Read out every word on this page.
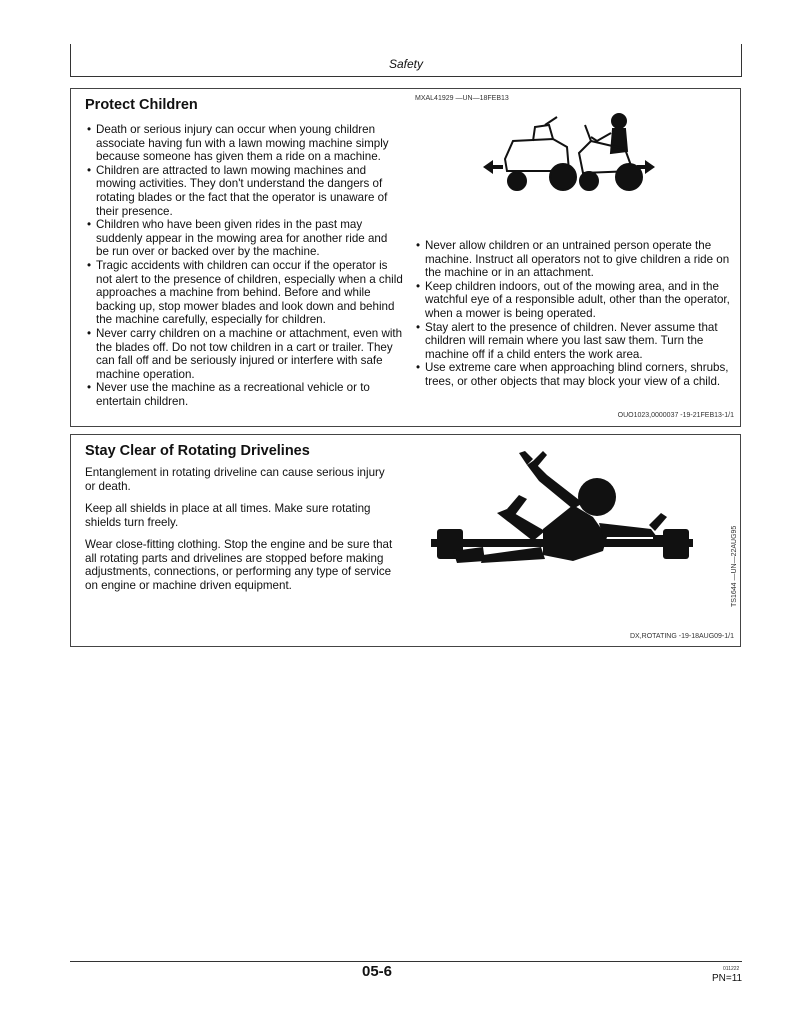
Safety
Protect Children
• Death or serious injury can occur when young children associate having fun with a lawn mowing machine simply because someone has given them a ride on a machine.
• Children are attracted to lawn mowing machines and mowing activities. They don't understand the dangers of rotating blades or the fact that the operator is unaware of their presence.
• Children who have been given rides in the past may suddenly appear in the mowing area for another ride and be run over or backed over by the machine.
• Tragic accidents with children can occur if the operator is not alert to the presence of children, especially when a child approaches a machine from behind. Before and while backing up, stop mower blades and look down and behind the machine carefully, especially for children.
• Never carry children on a machine or attachment, even with the blades off. Do not tow children in a cart or trailer. They can fall off and be seriously injured or interfere with safe machine operation.
• Never use the machine as a recreational vehicle or to entertain children.
MXAL41929 —UN—18FEB13
• Never allow children or an untrained person operate the machine. Instruct all operators not to give children a ride on the machine or in an attachment.
• Keep children indoors, out of the mowing area, and in the watchful eye of a responsible adult, other than the operator, when a mower is being operated.
• Stay alert to the presence of children. Never assume that children will remain where you last saw them. Turn the machine off if a child enters the work area.
• Use extreme care when approaching blind corners, shrubs, trees, or other objects that may block your view of a child.
OUO1023,0000037 -19-21FEB13-1/1
Stay Clear of Rotating Drivelines

Entanglement in rotating driveline can cause serious injury or death.

Keep all shields in place at all times. Make sure rotating shields turn freely.

Wear close-fitting clothing. Stop the engine and be sure that all rotating parts and drivelines are stopped before making adjustments, connections, or performing any type of service on engine or machine driven equipment.	TS1644 —UN—22AUG95
DX,ROTATING -19-18AUG09-1/1
05-6	011222
PN=11
